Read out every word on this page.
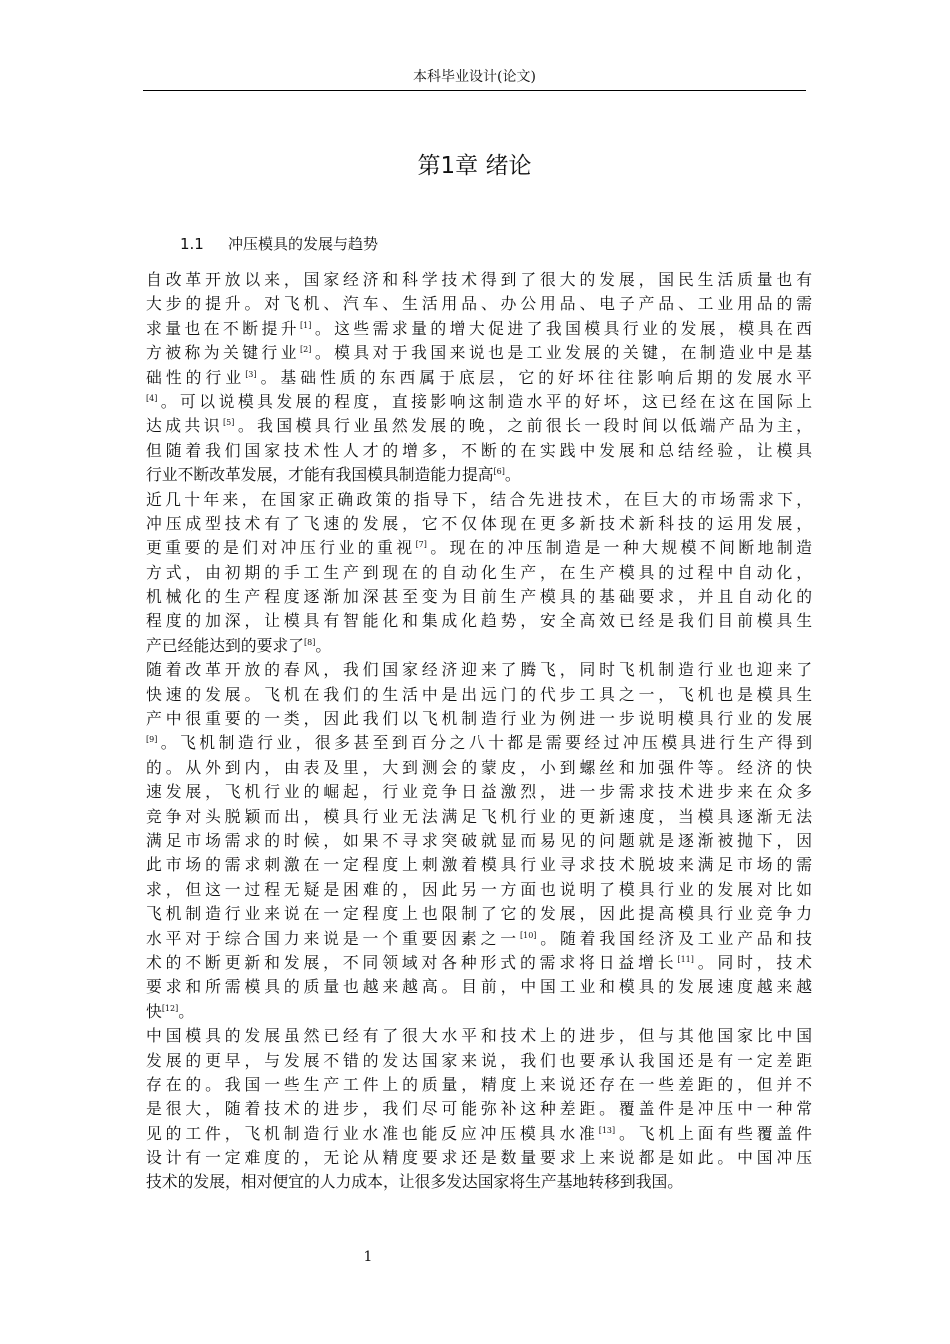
本科毕业设计(论文)
第1章 绪论
1.1 冲压模具的发展与趋势
自改革开放以来，国家经济和科学技术得到了很大的发展，国民生活质量也有
大步的提升。对飞机、汽车、生活用品、办公用品、电子产品、工业用品的需
求量也在不断提升[1]。这些需求量的增大促进了我国模具行业的发展，模具在西
方被称为关键行业[2]。模具对于我国来说也是工业发展的关键，在制造业中是基
础性的行业[3]。基础性质的东西属于底层，它的好坏往往影响后期的发展水平
[4]。可以说模具发展的程度，直接影响这制造水平的好坏，这已经在这在国际上
达成共识[5]。我国模具行业虽然发展的晚，之前很长一段时间以低端产品为主，
但随着我们国家技术性人才的增多，不断的在实践中发展和总结经验，让模具
行业不断改革发展，才能有我国模具制造能力提高[6]。
近几十年来，在国家正确政策的指导下，结合先进技术，在巨大的市场需求下，
冲压成型技术有了飞速的发展，它不仅体现在更多新技术新科技的运用发展，
更重要的是们对冲压行业的重视[7]。现在的冲压制造是一种大规模不间断地制造
方式，由初期的手工生产到现在的自动化生产，在生产模具的过程中自动化，
机械化的生产程度逐渐加深甚至变为目前生产模具的基础要求，并且自动化的
程度的加深，让模具有智能化和集成化趋势，安全高效已经是我们目前模具生
产已经能达到的要求了[8]。
随着改革开放的春风，我们国家经济迎来了腾飞，同时飞机制造行业也迎来了
快速的发展。飞机在我们的生活中是出远门的代步工具之一，飞机也是模具生
产中很重要的一类，因此我们以飞机制造行业为例进一步说明模具行业的发展
[9]。飞机制造行业，很多甚至到百分之八十都是需要经过冲压模具进行生产得到
的。从外到内，由表及里，大到测会的蒙皮，小到螺丝和加强件等。经济的快
速发展，飞机行业的崛起，行业竞争日益激烈，进一步需求技术进步来在众多
竞争对头脱颖而出，模具行业无法满足飞机行业的更新速度，当模具逐渐无法
满足市场需求的时候，如果不寻求突破就显而易见的问题就是逐渐被抛下，因
此市场的需求刺激在一定程度上刺激着模具行业寻求技术脱坡来满足市场的需
求，但这一过程无疑是困难的，因此另一方面也说明了模具行业的发展对比如
飞机制造行业来说在一定程度上也限制了它的发展，因此提高模具行业竞争力
水平对于综合国力来说是一个重要因素之一[10]。随着我国经济及工业产品和技
术的不断更新和发展，不同领域对各种形式的需求将日益增长[11]。同时，技术
要求和所需模具的质量也越来越高。目前，中国工业和模具的发展速度越来越
快[12]。
中国模具的发展虽然已经有了很大水平和技术上的进步，但与其他国家比中国
发展的更早，与发展不错的发达国家来说，我们也要承认我国还是有一定差距
存在的。我国一些生产工件上的质量，精度上来说还存在一些差距的，但并不
是很大，随着技术的进步，我们尽可能弥补这种差距。覆盖件是冲压中一种常
见的工件，飞机制造行业水准也能反应冲压模具水准[13]。飞机上面有些覆盖件
设计有一定难度的，无论从精度要求还是数量要求上来说都是如此。中国冲压
技术的发展，相对便宜的人力成本，让很多发达国家将生产基地转移到我国。
1
